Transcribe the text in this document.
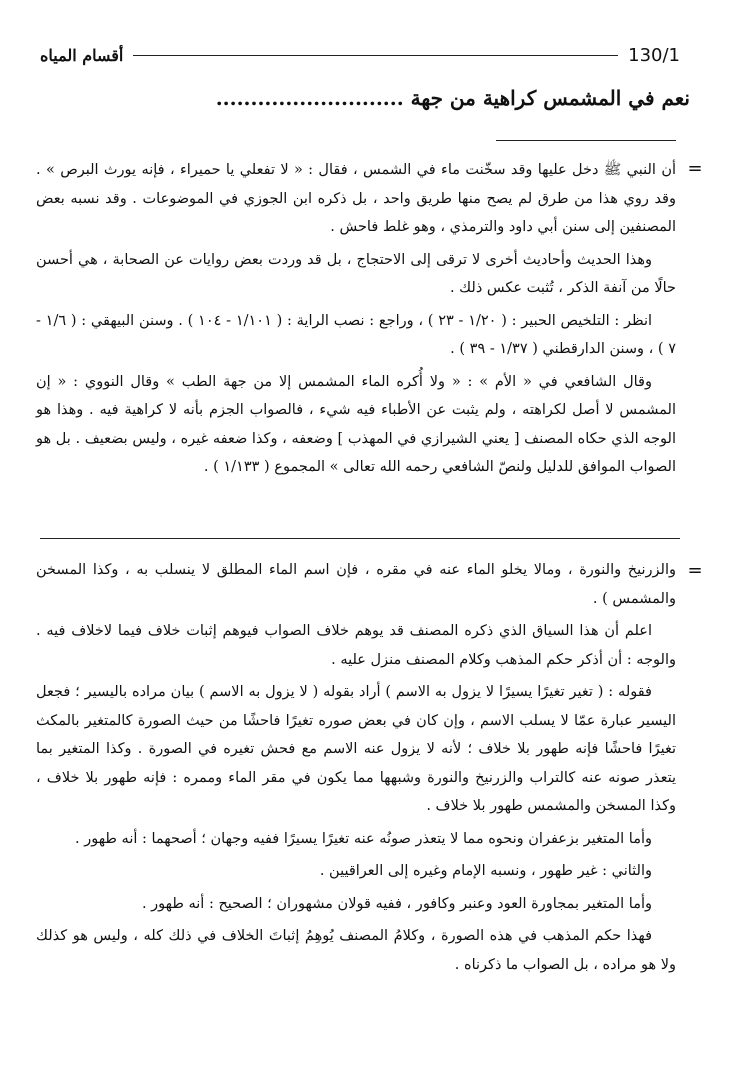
أقسام المياه	130/1
نعم في المشمس كراهية من جهة ...........................
=

أن النبي ﷺ دخل عليها وقد سخّنت ماء في الشمس ، فقال : « لا تفعلي يا حميراء ، فإنه يورث البرص » . وقد روي هذا من طرق لم يصح منها طريق واحد ، بل ذكره ابن الجوزي في الموضوعات . وقد نسبه بعض المصنفين إلى سنن أبي داود والترمذي ، وهو غلط فاحش .

وهذا الحديث وأحاديث أخرى لا ترقى إلى الاحتجاج ، بل قد وردت بعض روايات عن الصحابة ، هي أحسن حالًا من آنفة الذكر ، تُثبت عكس ذلك .

انظر : التلخيص الحبير : ( ١/٢٠ - ٢٣ ) ، وراجع : نصب الراية : ( ١/١٠١ - ١٠٤ ) . وسنن البيهقي : ( ١/٦ - ٧ ) ، وسنن الدارقطني ( ١/٣٧ - ٣٩ ) .

وقال الشافعي في « الأم » : « ولا أُكره الماء المشمس إلا من جهة الطب » وقال النووي : « إن المشمس لا أصل لكراهته ، ولم يثبت عن الأطباء فيه شيء ، فالصواب الجزم بأنه لا كراهية فيه . وهذا هو الوجه الذي حكاه المصنف [ يعني الشيرازي في المهذب ] وضعفه ، وكذا ضعفه غيره ، وليس بضعيف . بل هو الصواب الموافق للدليل ولنصّ الشافعي رحمه الله تعالى » المجموع ( ١/١٣٣ ) .

=

والزرنيخ والنورة ، ومالا يخلو الماء عنه في مقره ، فإن اسم الماء المطلق لا ينسلب به ، وكذا المسخن والمشمس ) .

اعلم أن هذا السياق الذي ذكره المصنف قد يوهم خلاف الصواب فيوهم إثبات خلاف فيما لاخلاف فيه . والوجه : أن أذكر حكم المذهب وكلام المصنف منزل عليه .

فقوله : ( تغير تغيرًا يسيرًا لا يزول به الاسم ) أراد بقوله ( لا يزول به الاسم ) بيان مراده باليسير ؛ فجعل اليسير عبارة عمّا لا يسلب الاسم ، وإن كان في بعض صوره تغيرًا فاحشًا من حيث الصورة كالمتغير بالمكث تغيرًا فاحشًا فإنه طهور بلا خلاف ؛ لأنه لا يزول عنه الاسم مع فحش تغيره في الصورة . وكذا المتغير بما يتعذر صونه عنه كالتراب والزرنيخ والنورة وشبهها مما يكون في مقر الماء وممره : فإنه طهور بلا خلاف ، وكذا المسخن والمشمس طهور بلا خلاف .

وأما المتغير بزعفران ونحوه مما لا يتعذر صونُه عنه تغيرًا يسيرًا ففيه وجهان ؛ أصحهما : أنه طهور .

والثاني : غير طهور ، ونسبه الإمام وغيره إلى العراقيين .

وأما المتغير بمجاورة العود وعنبر وكافور ، ففيه قولان مشهوران ؛ الصحيح : أنه طهور .

فهذا حكم المذهب في هذه الصورة ، وكلامُ المصنف يُوهِمُ إثباتَ الخلاف في ذلك كله ، وليس هو كذلك ولا هو مراده ، بل الصواب ما ذكرناه .
